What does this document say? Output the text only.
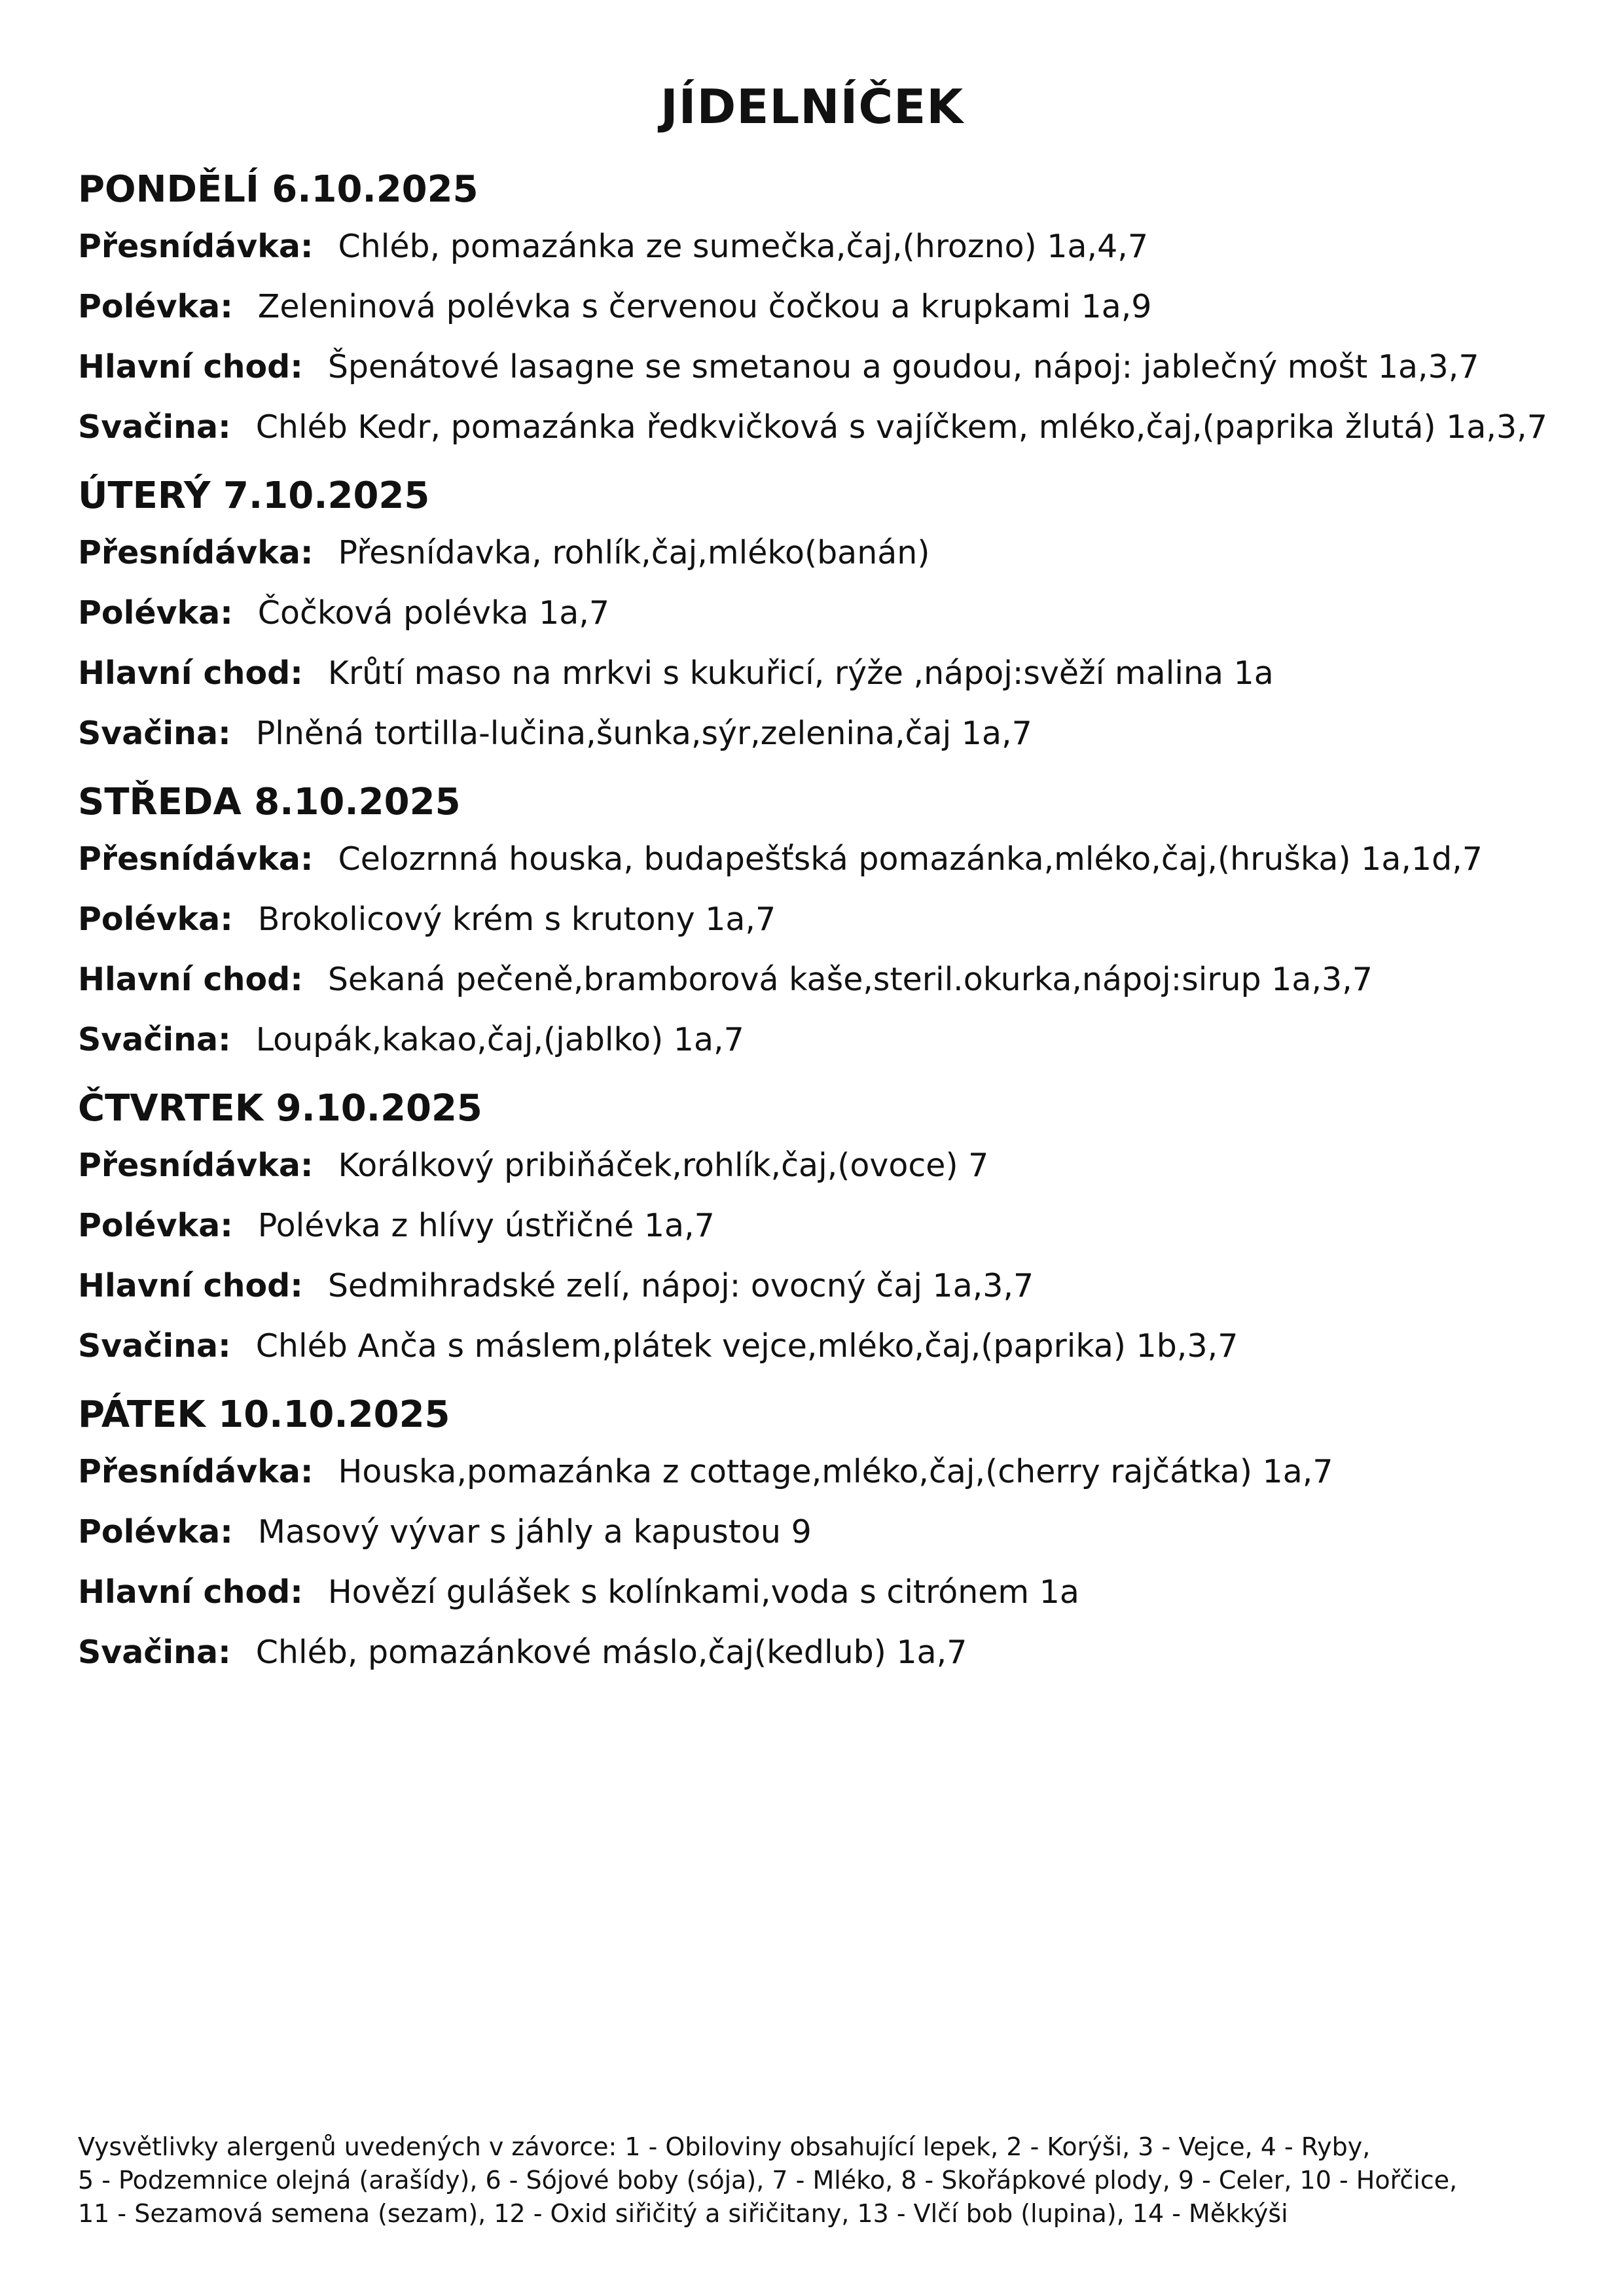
JÍDELNÍČEK
PONDĚLÍ 6.10.2025
Přesnídávka: Chléb, pomazánka ze sumečka,čaj,(hrozno) 1a,4,7
Polévka: Zeleninová polévka s červenou čočkou a krupkami 1a,9
Hlavní chod: Špenátové lasagne se smetanou a goudou, nápoj: jablečný mošt 1a,3,7
Svačina: Chléb Kedr, pomazánka ředkvičková s vajíčkem, mléko,čaj,(paprika žlutá) 1a,3,7
ÚTERÝ 7.10.2025
Přesnídávka: Přesnídavka, rohlík,čaj,mléko(banán)
Polévka: Čočková polévka 1a,7
Hlavní chod: Krůtí maso na mrkvi s kukuřicí, rýže ,nápoj:svěží malina 1a
Svačina: Plněná tortilla-lučina,šunka,sýr,zelenina,čaj 1a,7
STŘEDA 8.10.2025
Přesnídávka: Celozrnná houska, budapešťská pomazánka,mléko,čaj,(hruška) 1a,1d,7
Polévka: Brokolicový krém s krutony 1a,7
Hlavní chod: Sekaná pečeně,bramborová kaše,steril.okurka,nápoj:sirup 1a,3,7
Svačina: Loupák,kakao,čaj,(jablko) 1a,7
ČTVRTEK 9.10.2025
Přesnídávka: Korálkový pribiňáček,rohlík,čaj,(ovoce) 7
Polévka: Polévka z hlívy ústřičné 1a,7
Hlavní chod: Sedmihradské zelí, nápoj: ovocný čaj 1a,3,7
Svačina: Chléb Anča s máslem,plátek vejce,mléko,čaj,(paprika) 1b,3,7
PÁTEK 10.10.2025
Přesnídávka: Houska,pomazánka z cottage,mléko,čaj,(cherry rajčátka) 1a,7
Polévka: Masový vývar s jáhly a kapustou 9
Hlavní chod: Hovězí gulášek s kolínkami,voda s citrónem 1a
Svačina: Chléb, pomazánkové máslo,čaj(kedlub) 1a,7
Vysvětlivky alergenů uvedených v závorce: 1 - Obiloviny obsahující lepek, 2 - Korýši, 3 - Vejce, 4 - Ryby,
5 - Podzemnice olejná (arašídy), 6 - Sójové boby (sója), 7 - Mléko, 8 - Skořápkové plody, 9 - Celer, 10 - Hořčice,
11 - Sezamová semena (sezam), 12 - Oxid siřičitý a siřičitany, 13 - Vlčí bob (lupina), 14 - Měkkýši
